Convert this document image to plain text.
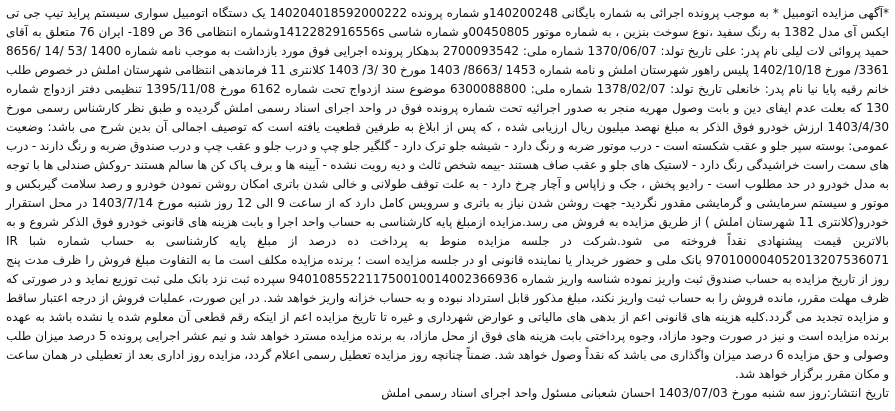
*آگهی مزایده اتومبیل * به موجب پرونده اجرائی به شماره بایگانی 140200248و شماره پرونده 140204018592000222 یک دستگاه اتومبیل سواری سیستم پراید تیپ جی تی ایکس آی مدل 1382 به رنگ سفید ،نوع سوخت بنزین ، به شماره موتور 00450805و شماره شاسی 1412282916556sوشماره انتظامی 36 ص 189- ایران 76 متعلق به آقای حمید پروائی لات لیلی نام پدر: علی تاریخ تولد: 1370/06/07 شماره ملی: 2700093542 بدهکار پرونده اجرایی فوق مورد بازداشت به موجب نامه شماره 1400 /53 /14 /8656 3361/ مورخ 1402/10/18 پلیس راهور شهرستان املش و نامه شماره 1453 /8663/ 1403 مورخ 30 /3/ 1403 کلانتری 11 فرماندهی انتظامی شهرستان املش در خصوص طلب خانم رقیه پایا نیا نام پدر: خانعلی تاریخ تولد: 1378/02/07 شماره ملی: 6300088800 موضوع سند ازدواج تحت شماره 6162 مورخ 1395/11/08 تنظیمی دفتر ازدواج شماره 130 که بعلت عدم ایفای دین و بابت وصول مهریه منجر به صدور اجرائیه تحت شماره پرونده فوق در واحد اجرای اسناد رسمی املش گردیده و طبق نظر کارشناس رسمی مورخ 1403/4/30 ارزش خودرو فوق الذکر به مبلغ نهصد میلیون ریال ارزیابی شده ، که پس از ابلاغ به طرفین قطعیت یافته است که توصیف اجمالی آن بدین شرح می باشد: وضعیت عمومی: بوسته سپر جلو و عقب شکسته است - درب موتور ضربه و رنگ دارد - شیشه جلو ترک دارد - گلگیر جلو چپ و درب جلو و عقب چپ و درب صندوق ضربه و رنگ دارند - درب های سمت راست خراشیدگی رنگ دارد - لاستیک های جلو و عقب صاف هستند -بیمه شخص ثالث و دیه رویت نشده - آیینه ها و برف پاک کن ها سالم هستند -روکش صندلی ها با توجه به مدل خودرو در حد مطلوب است - رادیو پخش ، جک و زاپاس و آچار چرخ دارد - به علت توقف طولانی و خالی شدن باتری امکان روشن نمودن خودرو و رصد سلامت گیربکس و موتور و سیستم سرمایشی و گرمایشی مقدور نگردید- جهت روشن شدن نیاز به باتری و سرویس کامل دارد که از ساعت 9 الی 12 روز شنبه مورخ 1403/7/14 در محل استقرار خودرو(کلانتری 11 شهرستان املش ) از طریق مزایده به فروش می رسد.مزایده ازمبلغ پایه کارشناسی به حساب واحد اجرا و بابت هزینه های قانونی خودرو فوق الذکر شروع و به بالاترین قیمت پیشنهادی نقداً فروخته می شود.شرکت در جلسه مزایده منوط به پرداخت ده درصد از مبلغ پایه کارشناسی به حساب شماره شبا IR 970100004052013207536071 بانک ملی و حضور خریدار یا نماینده قانونی او در جلسه مزایده است ؛ برنده مزایده مکلف است ما به التفاوت مبلغ فروش را ظرف مدت پنج روز از تاریخ مزایده به حساب صندوق ثبت واریز نموده شناسه واریز شماره 940108552211750010014002366936 سپرده ثبت نزد بانک ملی ثبت توزیع نماید و در صورتی که ظرف مهلت مقرر، مانده فروش را به حساب ثبت واریز نکند، مبلغ مذکور قابل استرداد نبوده و به حساب خزانه واریز خواهد شد. در این صورت، عملیات فروش از درجه اعتبار ساقط و مزایده تجدید می گردد.کلیه هزینه های قانونی اعم از بدهی های مالیاتی و عوارض شهرداری و غیره تا تاریخ مزایده اعم از اینکه رقم قطعی آن معلوم شده یا نشده باشد به عهده برنده مزایده است و نیز در صورت وجود مازاد، وجوه پرداختی بابت هزینه های فوق از محل مازاد، به برنده مزایده مسترد خواهد شد و نیم عشر اجرایی پرونده 5 درصد میزان طلب وصولی و حق مزایده 6 درصد میزان واگذاری می باشد که نقداً وصول خواهد شد. ضمناً چنانچه روز مزایده تعطیل رسمی اعلام گردد، مزایده روز اداری بعد از تعطیلی در همان ساعت و مکان مقرر برگزار خواهد شد.

تاریخ انتشار:روز سه شنبه مورخ 1403/07/03 احسان شعبانی مسئول واحد اجرای اسناد رسمی املش
